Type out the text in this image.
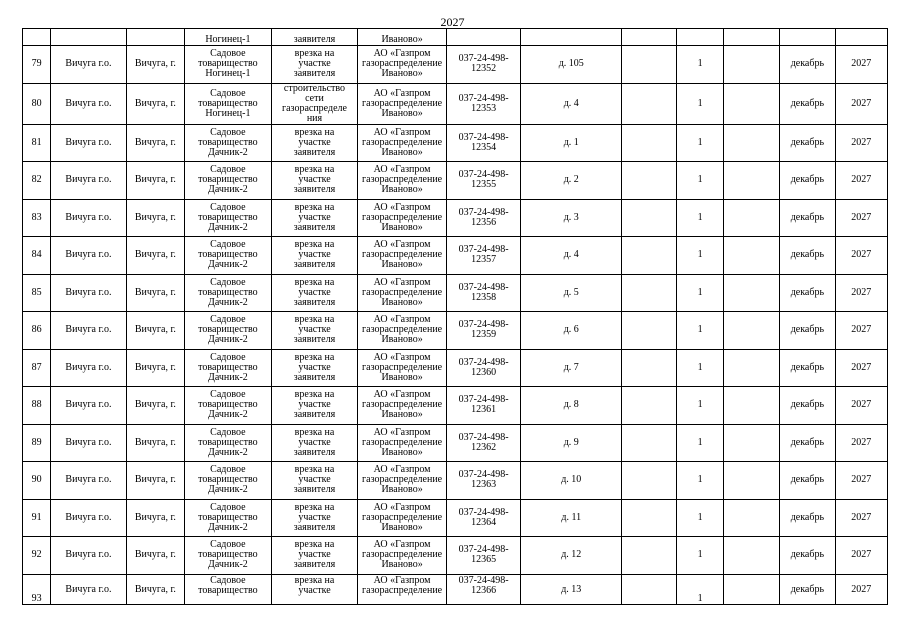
2027

			Ногинец-1	заявителя	Иваново»							

79	Вичуга г.о.	Вичуга, г.	Садовое
товарищество
Ногинец-1	врезка на
участке
заявителя	АО «Газпром
газораспределение
Иваново»	037-24-498-
12352	д. 105		1		декабрь	2027

80	Вичуга г.о.	Вичуга, г.	Садовое
товарищество
Ногинец-1	строительство
сети
газораспределе
ния	АО «Газпром
газораспределение
Иваново»	037-24-498-
12353	д. 4		1		декабрь	2027

81	Вичуга г.о.	Вичуга, г.	Садовое
товарищество
Дачник-2	врезка на
участке
заявителя	АО «Газпром
газораспределение
Иваново»	037-24-498-
12354	д. 1		1		декабрь	2027

82	Вичуга г.о.	Вичуга, г.	Садовое
товарищество
Дачник-2	врезка на
участке
заявителя	АО «Газпром
газораспределение
Иваново»	037-24-498-
12355	д. 2		1		декабрь	2027

83	Вичуга г.о.	Вичуга, г.	Садовое
товарищество
Дачник-2	врезка на
участке
заявителя	АО «Газпром
газораспределение
Иваново»	037-24-498-
12356	д. 3		1		декабрь	2027

84	Вичуга г.о.	Вичуга, г.	Садовое
товарищество
Дачник-2	врезка на
участке
заявителя	АО «Газпром
газораспределение
Иваново»	037-24-498-
12357	д. 4		1		декабрь	2027

85	Вичуга г.о.	Вичуга, г.	Садовое
товарищество
Дачник-2	врезка на
участке
заявителя	АО «Газпром
газораспределение
Иваново»	037-24-498-
12358	д. 5		1		декабрь	2027

86	Вичуга г.о.	Вичуга, г.	Садовое
товарищество
Дачник-2	врезка на
участке
заявителя	АО «Газпром
газораспределение
Иваново»	037-24-498-
12359	д. 6		1		декабрь	2027

87	Вичуга г.о.	Вичуга, г.	Садовое
товарищество
Дачник-2	врезка на
участке
заявителя	АО «Газпром
газораспределение
Иваново»	037-24-498-
12360	д. 7		1		декабрь	2027

88	Вичуга г.о.	Вичуга, г.	Садовое
товарищество
Дачник-2	врезка на
участке
заявителя	АО «Газпром
газораспределение
Иваново»	037-24-498-
12361	д. 8		1		декабрь	2027

89	Вичуга г.о.	Вичуга, г.	Садовое
товарищество
Дачник-2	врезка на
участке
заявителя	АО «Газпром
газораспределение
Иваново»	037-24-498-
12362	д. 9		1		декабрь	2027

90	Вичуга г.о.	Вичуга, г.	Садовое
товарищество
Дачник-2	врезка на
участке
заявителя	АО «Газпром
газораспределение
Иваново»	037-24-498-
12363	д. 10		1		декабрь	2027

91	Вичуга г.о.	Вичуга, г.	Садовое
товарищество
Дачник-2	врезка на
участке
заявителя	АО «Газпром
газораспределение
Иваново»	037-24-498-
12364	д. 11		1		декабрь	2027

92	Вичуга г.о.	Вичуга, г.	Садовое
товарищество
Дачник-2	врезка на
участке
заявителя	АО «Газпром
газораспределение
Иваново»	037-24-498-
12365	д. 12		1		декабрь	2027

93	Вичуга г.о.	Вичуга, г.	Садовое
товарищество	врезка на
участке	АО «Газпром
газораспределение	037-24-498-
12366	д. 13		1		декабрь	2027
